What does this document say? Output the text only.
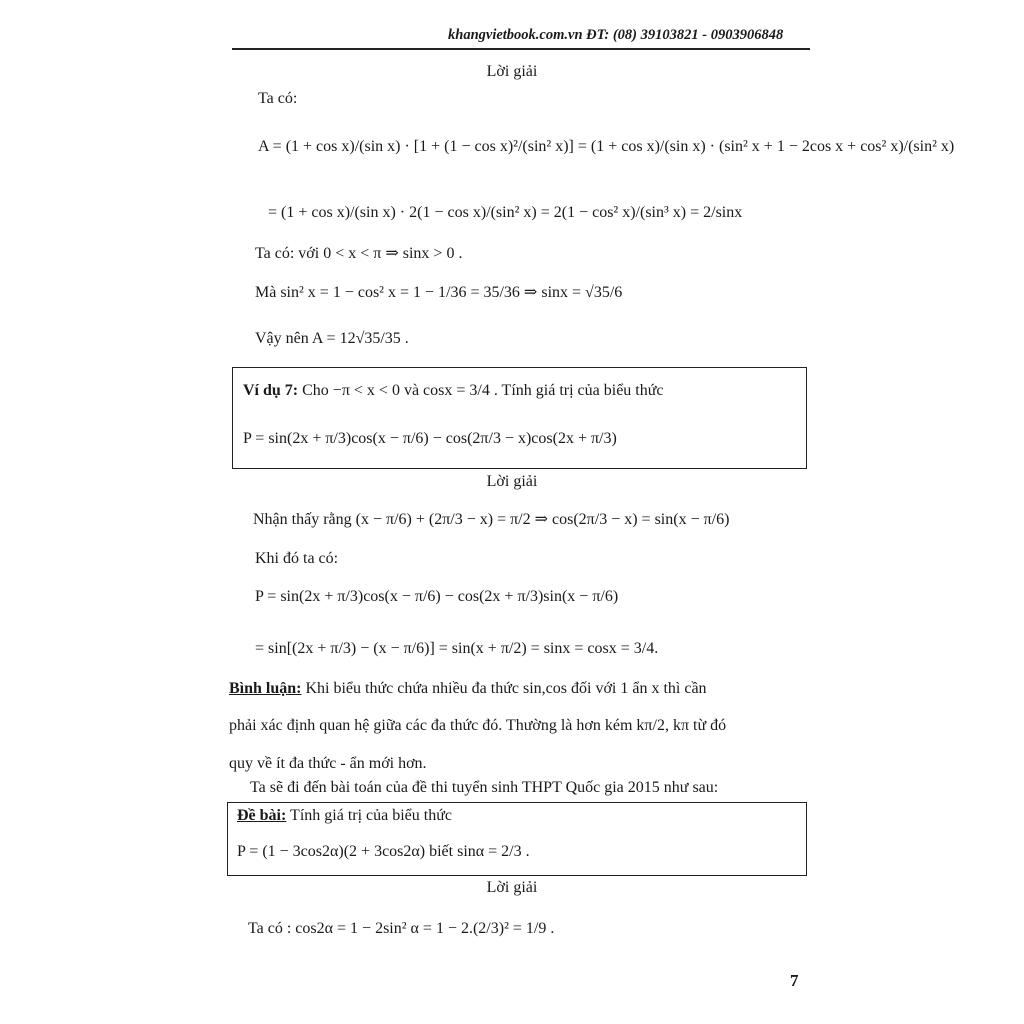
khangvietbook.com.vn ĐT: (08) 39103821 - 0903906848
Lời giải
Ta có:
A = (1 + cos x)/(sin x) · [1 + (1 − cos x)²/(sin² x)] = (1 + cos x)/(sin x) · (sin² x + 1 − 2cos x + cos² x)/(sin² x)
= (1 + cos x)/(sin x) · 2(1 − cos x)/(sin² x) = 2(1 − cos² x)/(sin³ x) = 2/sinx
Ta có: với 0 < x < π ⇒ sinx > 0 .
Mà sin² x = 1 − cos² x = 1 − 1/36 = 35/36 ⇒ sinx = √35/6
Vậy nên A = 12√35/35 .
Ví dụ 7: Cho −π < x < 0 và cosx = 3/4 . Tính giá trị của biểu thức
P = sin(2x + π/3)cos(x − π/6) − cos(2π/3 − x)cos(2x + π/3)
Lời giải
Nhận thấy rằng (x − π/6) + (2π/3 − x) = π/2 ⇒ cos(2π/3 − x) = sin(x − π/6)
Khi đó ta có:
P = sin(2x + π/3)cos(x − π/6) − cos(2x + π/3)sin(x − π/6)
= sin[(2x + π/3) − (x − π/6)] = sin(x + π/2) = sinx = cosx = 3/4.
Bình luận: Khi biểu thức chứa nhiều đa thức sin,cos đối với 1 ẩn x thì cần
phải xác định quan hệ giữa các đa thức đó. Thường là hơn kém kπ/2, kπ từ đó
quy về ít đa thức - ẩn mới hơn.
Ta sẽ đi đến bài toán của đề thi tuyển sinh THPT Quốc gia 2015 như sau:
Đề bài: Tính giá trị của biểu thức
P = (1 − 3cos2α)(2 + 3cos2α) biết sinα = 2/3 .
Lời giải
Ta có : cos2α = 1 − 2sin² α = 1 − 2.(2/3)² = 1/9 .
7
